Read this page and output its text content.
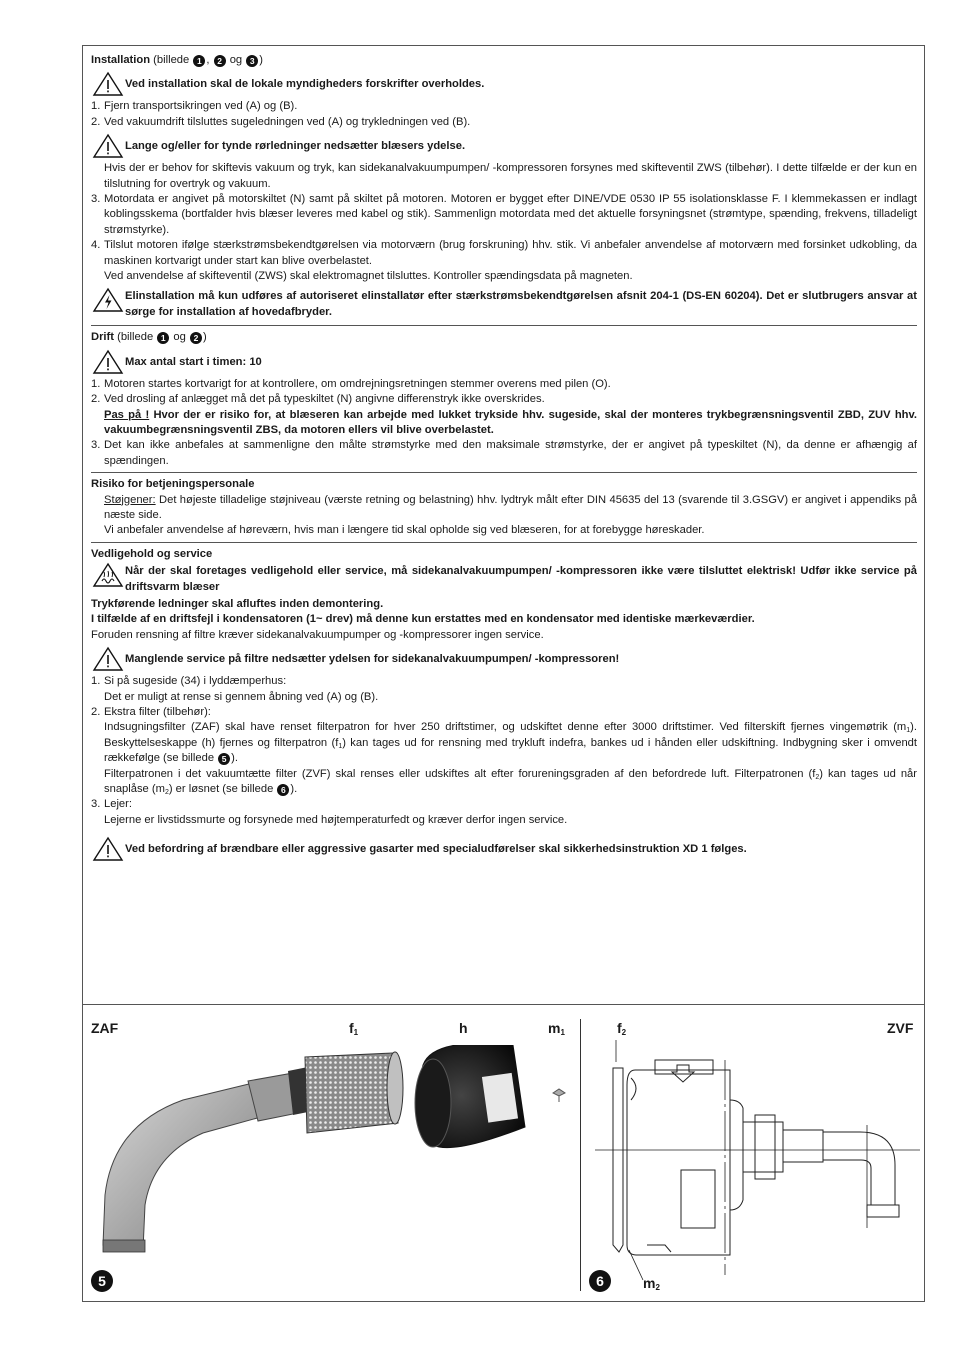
Installation (billede 1 , 2 og 3 )
Ved installation skal de lokale myndigheders forskrifter overholdes.
1. Fjern transportsikringen ved (A) og (B).
2. Ved vakuumdrift tilsluttes sugeledningen ved (A) og trykledningen ved (B).
Lange og/eller for tynde rørledninger nedsætter blæsers ydelse.

Hvis der er behov for skiftevis vakuum og tryk, kan sidekanalvakuumpumpen/ -kompressoren forsynes med skifteventil ZWS (tilbehør). I dette tilfælde er der kun en tilslutning for overtryk og vakuum.

3. Motordata er angivet på motorskiltet (N) samt på skiltet på motoren. Motoren er bygget efter DINE/VDE 0530 IP 55 isolationsklasse F. I klemmekassen er indlagt koblingsskema (bortfalder hvis blæser leveres med kabel og stik). Sammenlign motordata med det aktuelle forsyningsnet (strømtype, spænding, frekvens, tilladeligt strømstyrke).
4. Tilslut motoren ifølge stærkstrømsbekendtgørelsen via motorværn (brug forskruning) hhv. stik. Vi anbefaler anvendelse af motorværn med forsinket udkobling, da maskinen kortvarigt under start kan blive overbelastet.

Ved anvendelse af skifteventil (ZWS) skal elektromagnet tilsluttes. Kontroller spændingsdata på magneten.

Elinstallation må kun udføres af autoriseret elinstallatør efter stærkstrømsbekendtgørelsen afsnit 204-1 (DS-EN 60204). Det er slutbrugers ansvar at sørge for installation af hovedafbryder.
Drift (billede 1 og 2 )
Max antal start i timen: 10
1. Motoren startes kortvarigt for at kontrollere, om omdrejningsretningen stemmer overens med pilen (O).
2. Ved drosling af anlægget må det på typeskiltet (N) angivne differenstryk ikke overskrides.

Pas på ! Hvor der er risiko for, at blæseren kan arbejde med lukket trykside hhv. sugeside, skal der monteres trykbegrænsningsventil ZBD, ZUV hhv. vakuumbegrænsningsventil ZBS, da motoren ellers vil blive overbelastet.

3. Det kan ikke anbefales at sammenligne den målte strømstyrke med den maksimale strømstyrke, der er angivet på typeskiltet (N), da denne er afhængig af spændingen.
Risiko for betjeningspersonale

Støjgener: Det højeste tilladelige støjniveau (værste retning og belastning) hhv. lydtryk målt efter DIN 45635 del 13 (svarende til 3.GSGV) er angivet i appendiks på næste side.

Vi anbefaler anvendelse af høreværn, hvis man i længere tid skal opholde sig ved blæseren, for at forebygge høreskader.

Vedligehold og service
Når der skal foretages vedligehold eller service, må sidekanalvakuumpumpen/ -kompressoren ikke være tilsluttet elektrisk! Udfør ikke service på driftsvarm blæser

Trykførende ledninger skal afluftes inden demontering.

I tilfælde af en driftsfejl i kondensatoren (1~ drev) må denne kun erstattes med en kondensator med identiske mærkeværdier.

Foruden rensning af filtre kræver sidekanalvakuumpumper og -kompressorer ingen service.

Manglende service på filtre nedsætter ydelsen for sidekanalvakuumpumpen/ -kompressoren!
1. Si på sugeside (34) i lyddæmperhus:

Det er muligt at rense si gennem åbning ved (A) og (B).

2. Ekstra filter (tilbehør):

Indsugningsfilter (ZAF) skal have renset filterpatron for hver 250 driftstimer, og udskiftet denne efter 3000 driftstimer. Ved filterskift fjernes vingemøtrik $(m_1)$. Beskyttelseskappe (h) fjernes og filterpatron $(f_1)$ kan tages ud for rensning med trykluft indefra, bankes ud i hånden eller udskiftning. Indbygning sker i omvendt rækkefølge (se billede 5 ).

Filterpatronen i det vakuumtætte filter (ZVF) skal renses eller udskiftes alt efter forureningsgraden af den befordrede luft. Filterpatronen $(f_2)$ kan tages ud når snaplåse $(m_2)$ er løsnet (se billede 6 ).

3. Lejer:

Lejerne er livstidssmurte og forsynede med højtemperaturfedt og kræver derfor ingen service.

Ved befordring af brændbare eller aggressive gasarter med specialudførelser skal sikkerhedsinstruktion XD 1 følges.
ZAF	$f_1$	h	$m_1$	$f_2$	ZVF
$m_2$
5	6
